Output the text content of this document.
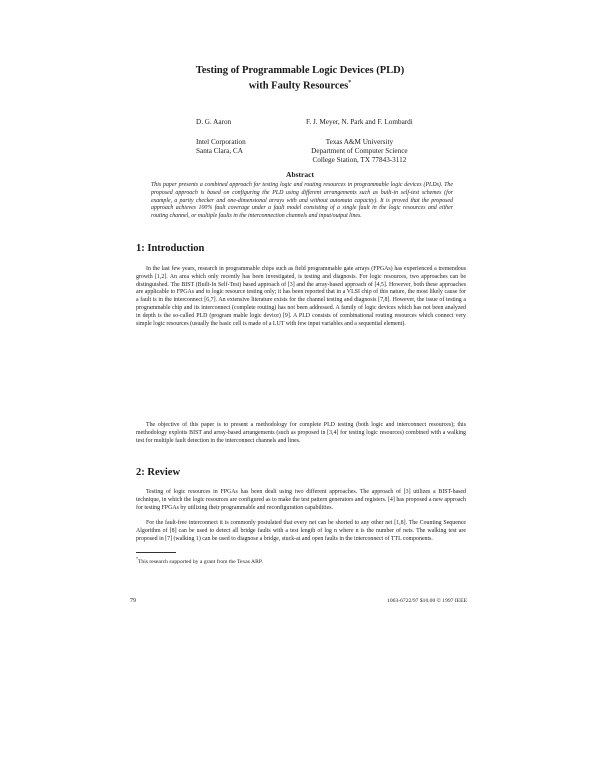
Testing of Programmable Logic Devices (PLD)
with Faulty Resources*
D. G. Aaron
Intel Corporation
Santa Clara, CA
F. J. Meyer, N. Park and F. Lombardi
Texas A&M University
Department of Computer Science
College Station, TX 77843-3112
Abstract

This paper presents a combined approach for testing logic and routing resources in programmable logic devices (PLDs). The proposed approach is based on configuring the PLD using different arrangements such as built-in self-test schemes (for example, a parity checker and one-dimensional arrays with and without automata capacity). It is proved that the proposed approach achieves 100% fault coverage under a fault model consisting of a single fault in the logic resources and either routing channel, or multiple faults in the interconnection channels and input/output lines.

1: Introduction

In the last few years, research in programmable chips such as field programmable gate arrays (FPGAs) has experienced a tremendous growth [1,2]. An area which only recently has been investigated, is testing and diagnosis. For logic resources, two approaches can be distinguished. The BIST (Built-In Self-Test) based approach of [3] and the array-based approach of [4,5]. However, both these approaches are applicable to FPGAs and to logic resource testing only; it has been reported that in a VLSI chip of this nature, the most likely cause for a fault is in the interconnect [6,7]. An extensive literature exists for the channel testing and diagnosis [7,8]. However, the issue of testing a programmable chip and its interconnect (complete routing) has not been addressed. A family of logic devices which has not been analyzed in depth is the so-called PLD (program mable logic device) [9]. A PLD consists of combinational routing resources which connect very simple logic resources (usually the basic cell is made of a LUT with few input variables and a sequential element).

The objective of this paper is to present a methodology for complete PLD testing (both logic and interconnect resources); this methodology exploits BIST and array-based arrangements (such as proposed in [3,4] for testing logic resources) combined with a walking test for multiple fault detection in the interconnect channels and lines.

2: Review

Testing of logic resources in FPGAs has been dealt using two different approaches. The approach of [3] utilizes a BIST-based technique, in which the logic resources are configured as to make the test pattern generators and registers. [4] has proposed a new approach for testing FPGAs by utilizing their programmable and reconfiguration capabilities.

For the fault-free interconnect it is commonly postulated that every net can be shorted to any other net [1,8]. The Counting Sequence Algorithm of [8] can be used to detect all bridge faults with a test length of log n where n is the number of nets. The walking test are proposed in [7] (walking 1) can be used to diagnose a bridge, stuck-at and open faults in the interconnect of TTL components.

*This research supported by a grant from the Texas ARP.

79	1063-6722/97 $10.00 © 1997 IEEE
